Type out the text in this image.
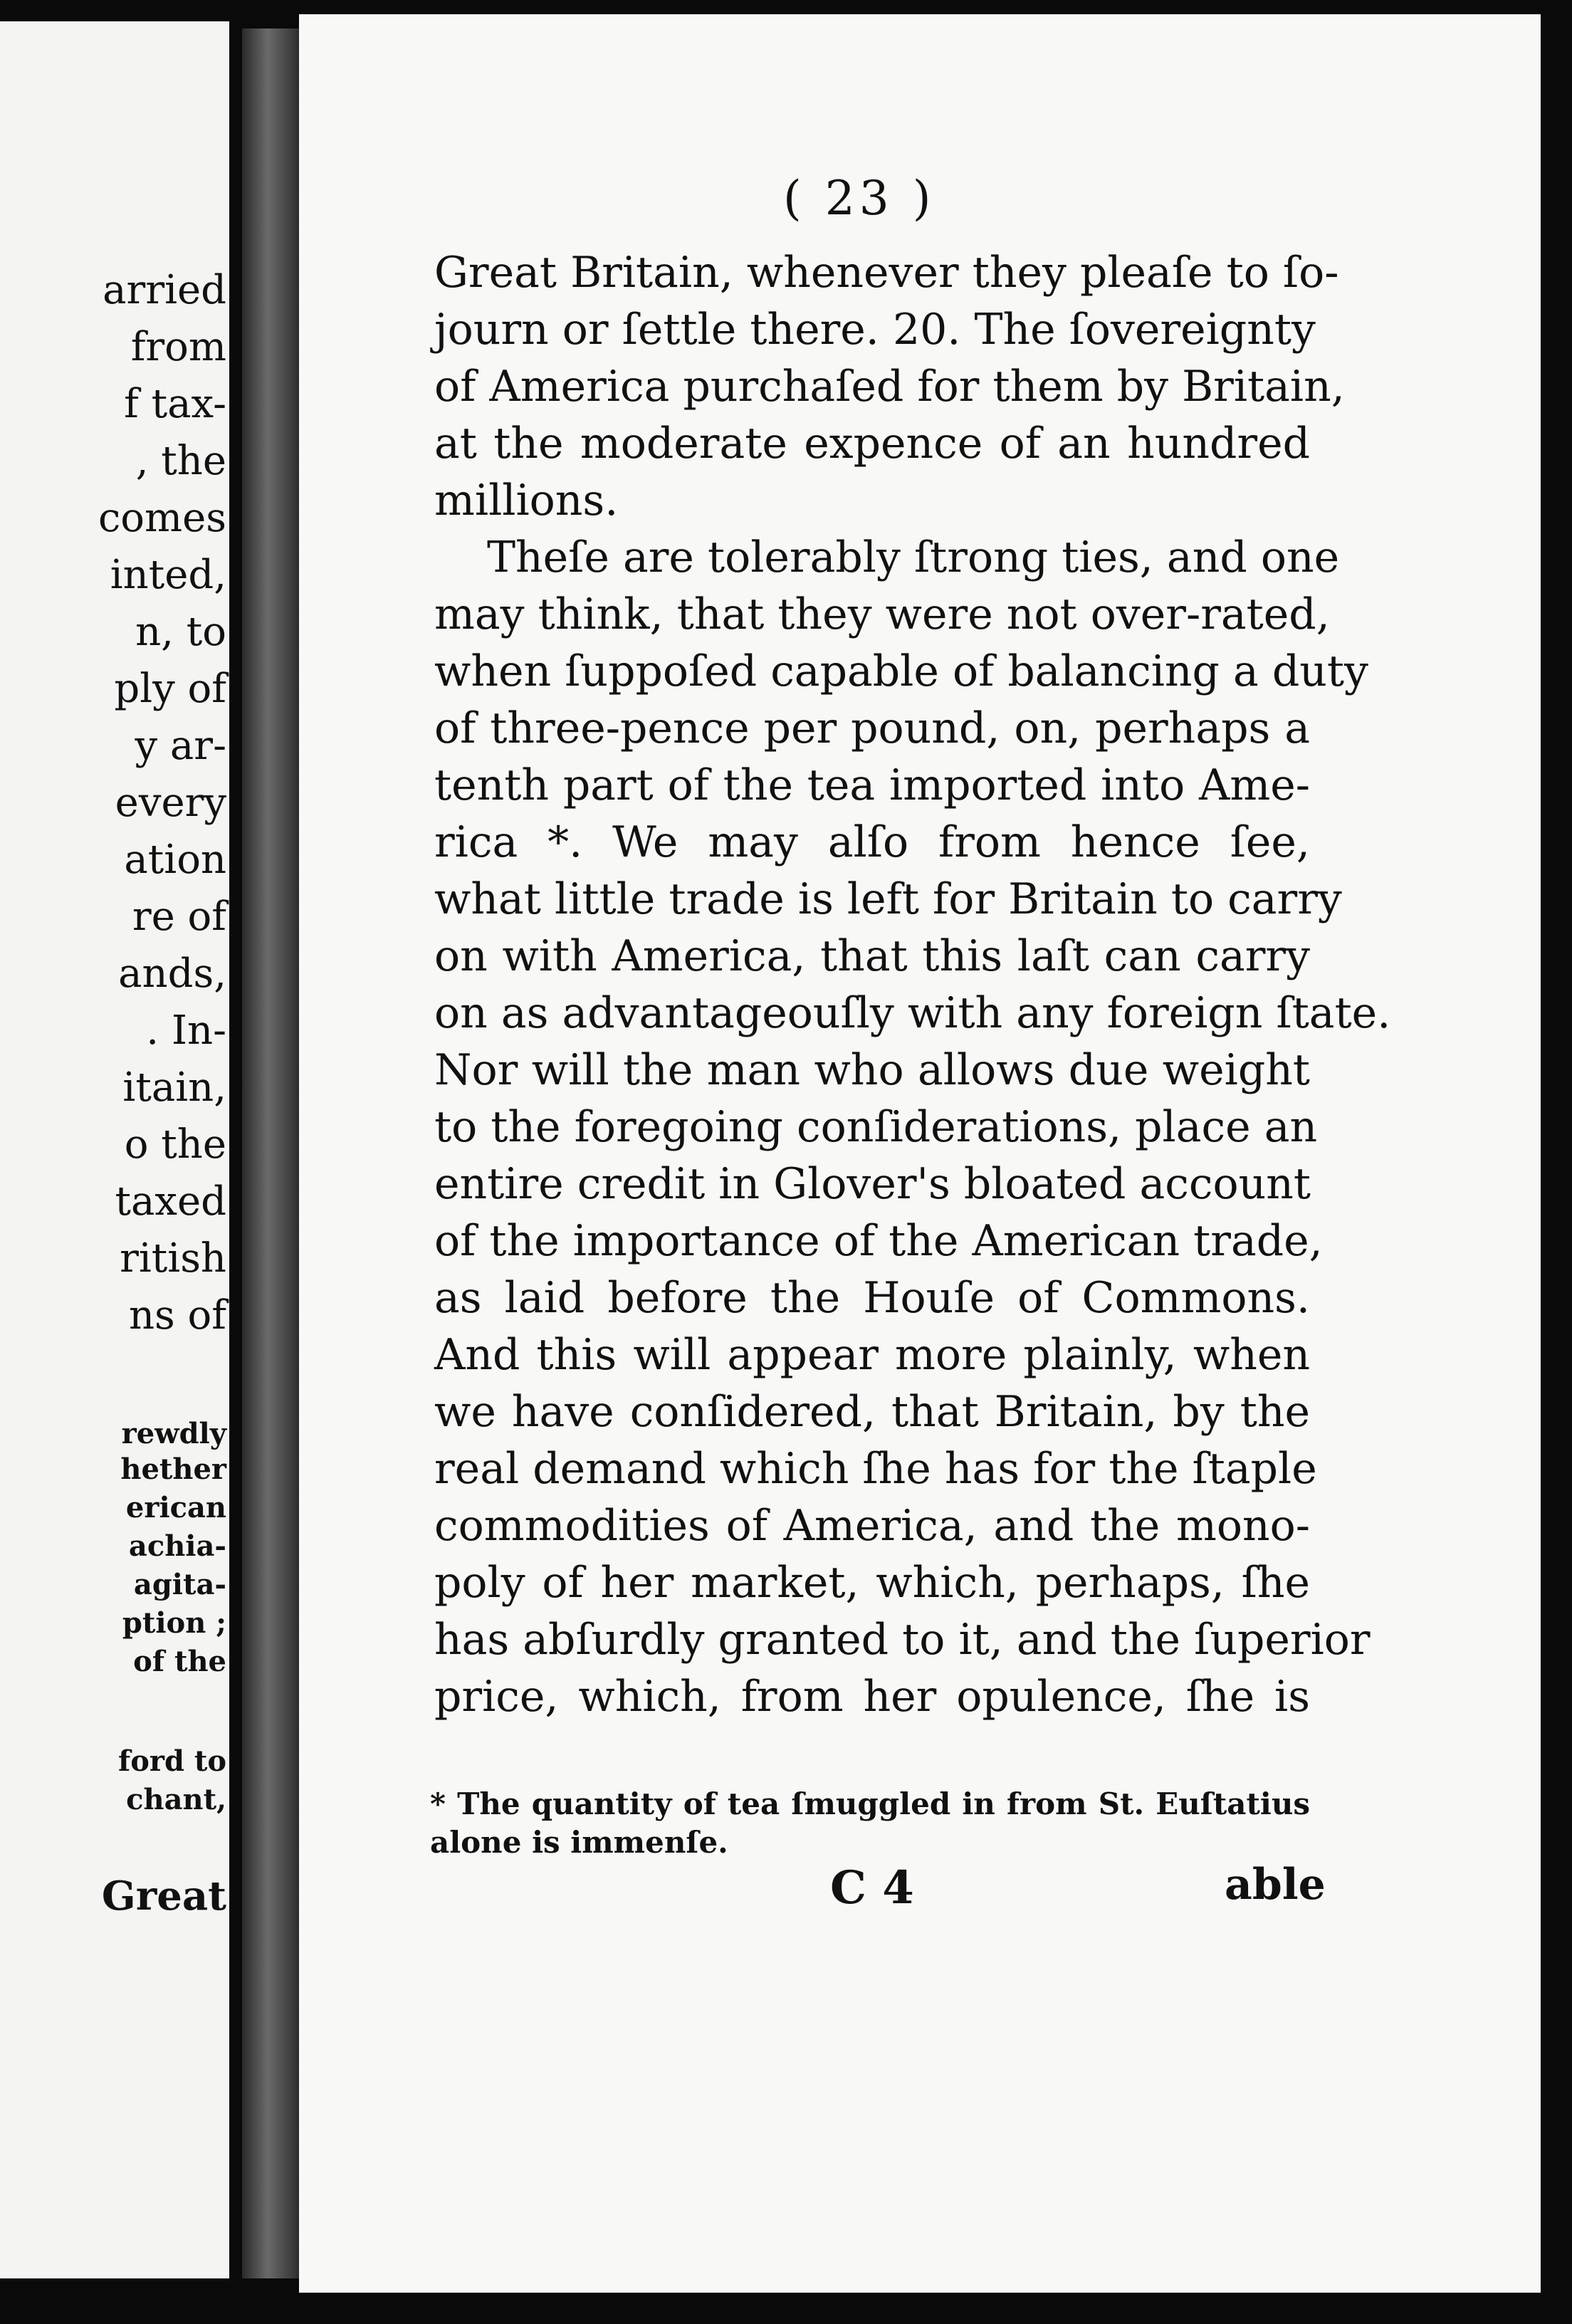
arried
from
f tax-
, the
comes
inted,
n, to
ply of
y ar-
every
ation
re of
ands,
. In-
itain,
o the
taxed
ritish
ns of
rewdly
hether
erican
achia-
agita-
ption ;
of the
ford to
chant,
Great
( 23 )
Great Britain, whenever they pleaſe to ſo-
journ or ſettle there. 20. The ſovereignty
of America purchaſed for them by Britain,
at the moderate expence of an hundred
millions.
Theſe are tolerably ſtrong ties, and one
may think, that they were not over-rated,
when ſuppoſed capable of balancing a duty
of three-pence per pound, on, perhaps a
tenth part of the tea imported into Ame-
rica *. We may alſo from hence ſee,
what little trade is left for Britain to carry
on with America, that this laſt can carry
on as advantageouſly with any foreign ſtate.
Nor will the man who allows due weight
to the foregoing conſiderations, place an
entire credit in Glover's bloated account
of the importance of the American trade,
as laid before the Houſe of Commons.
And this will appear more plainly, when
we have conſidered, that Britain, by the
real demand which ſhe has for the ſtaple
commodities of America, and the mono-
poly of her market, which, perhaps, ſhe
has abſurdly granted to it, and the ſuperior
price, which, from her opulence, ſhe is
* The quantity of tea ſmuggled in from St. Euſtatius
alone is immenſe.
C 4	able
